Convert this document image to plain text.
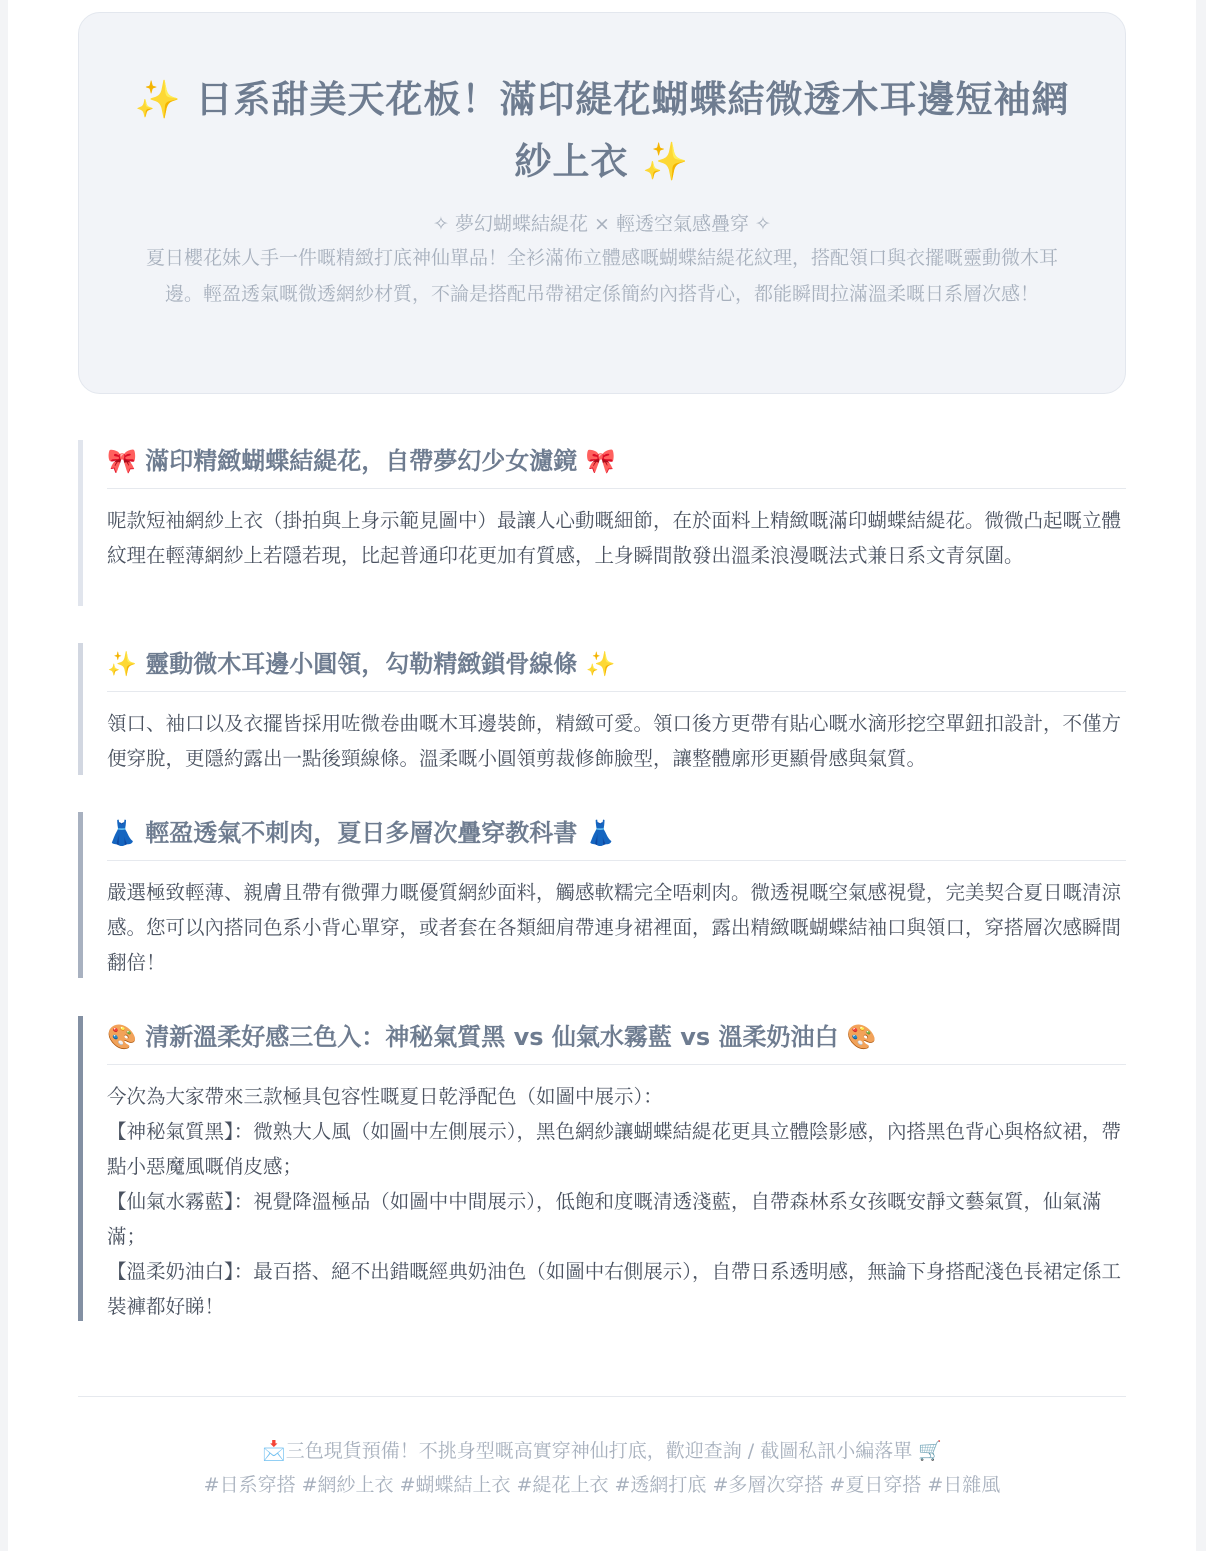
✨ 日系甜美天花板！滿印緹花蝴蝶結微透木耳邊短袖網紗上衣 ✨
✧ 夢幻蝴蝶結緹花 × 輕透空氣感疊穿 ✧

夏日櫻花妹人手一件嘅精緻打底神仙單品！全衫滿佈立體感嘅蝴蝶結緹花紋理，搭配領口與衣擺嘅靈動微木耳邊。輕盈透氣嘅微透網紗材質，不論是搭配吊帶裙定係簡約內搭背心，都能瞬間拉滿溫柔嘅日系層次感！

🎀 滿印精緻蝴蝶結緹花，自帶夢幻少女濾鏡 🎀

呢款短袖網紗上衣（掛拍與上身示範見圖中）最讓人心動嘅細節，在於面料上精緻嘅滿印蝴蝶結緹花。微微凸起嘅立體紋理在輕薄網紗上若隱若現，比起普通印花更加有質感，上身瞬間散發出溫柔浪漫嘅法式兼日系文青氛圍。

✨ 靈動微木耳邊小圓領，勾勒精緻鎖骨線條 ✨

領口、袖口以及衣擺皆採用咗微卷曲嘅木耳邊裝飾，精緻可愛。領口後方更帶有貼心嘅水滴形挖空單鈕扣設計，不僅方便穿脫，更隱約露出一點後頸線條。溫柔嘅小圓領剪裁修飾臉型，讓整體廓形更顯骨感與氣質。

👗 輕盈透氣不刺肉，夏日多層次疊穿教科書 👗

嚴選極致輕薄、親膚且帶有微彈力嘅優質網紗面料，觸感軟糯完全唔刺肉。微透視嘅空氣感視覺，完美契合夏日嘅清涼感。您可以內搭同色系小背心單穿，或者套在各類細肩帶連身裙裡面，露出精緻嘅蝴蝶結袖口與領口，穿搭層次感瞬間翻倍！

🎨 清新溫柔好感三色入：神秘氣質黑 vs 仙氣水霧藍 vs 溫柔奶油白 🎨

今次為大家帶來三款極具包容性嘅夏日乾淨配色（如圖中展示）：
【神秘氣質黑】：微熟大人風（如圖中左側展示），黑色網紗讓蝴蝶結緹花更具立體陰影感，內搭黑色背心與格紋裙，帶點小惡魔風嘅俏皮感；
【仙氣水霧藍】：視覺降溫極品（如圖中中間展示），低飽和度嘅清透淺藍，自帶森林系女孩嘅安靜文藝氣質，仙氣滿滿；
【溫柔奶油白】：最百搭、絕不出錯嘅經典奶油色（如圖中右側展示），自帶日系透明感，無論下身搭配淺色長裙定係工裝褲都好睇！

📩三色現貨預備！不挑身型嘅高實穿神仙打底，歡迎查詢 / 截圖私訊小編落單 🛒
#日系穿搭 #網紗上衣 #蝴蝶結上衣 #緹花上衣 #透網打底 #多層次穿搭 #夏日穿搭 #日雜風
